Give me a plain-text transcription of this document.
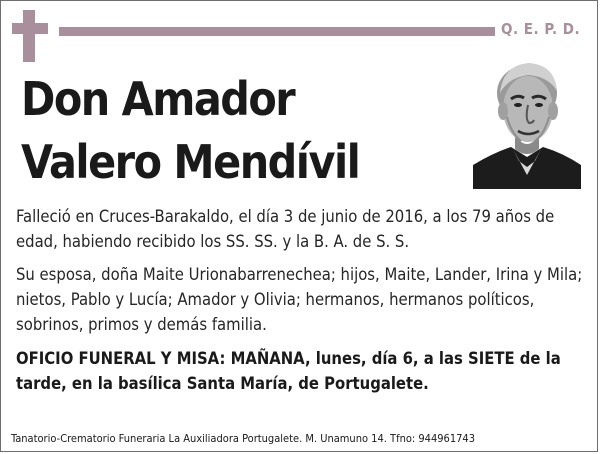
Q. E. P. D.
Don Amador
Valero Mendívil
Falleció en Cruces-Barakaldo, el día 3 de junio de 2016, a los 79 años de edad, habiendo recibido los SS. SS. y la B. A. de S. S.
Su esposa, doña Maite Urionabarrenechea; hijos, Maite, Lander, Irina y Mila; nietos, Pablo y Lucía; Amador y Olivia; hermanos, hermanos políticos, sobrinos, primos y demás familia.
OFICIO FUNERAL Y MISA: MAÑANA, lunes, día 6, a las SIETE de la tarde, en la basílica Santa María, de Portugalete.
Tanatorio-Crematorio Funeraria La Auxiliadora Portugalete. M. Unamuno 14. Tfno: 944961743
